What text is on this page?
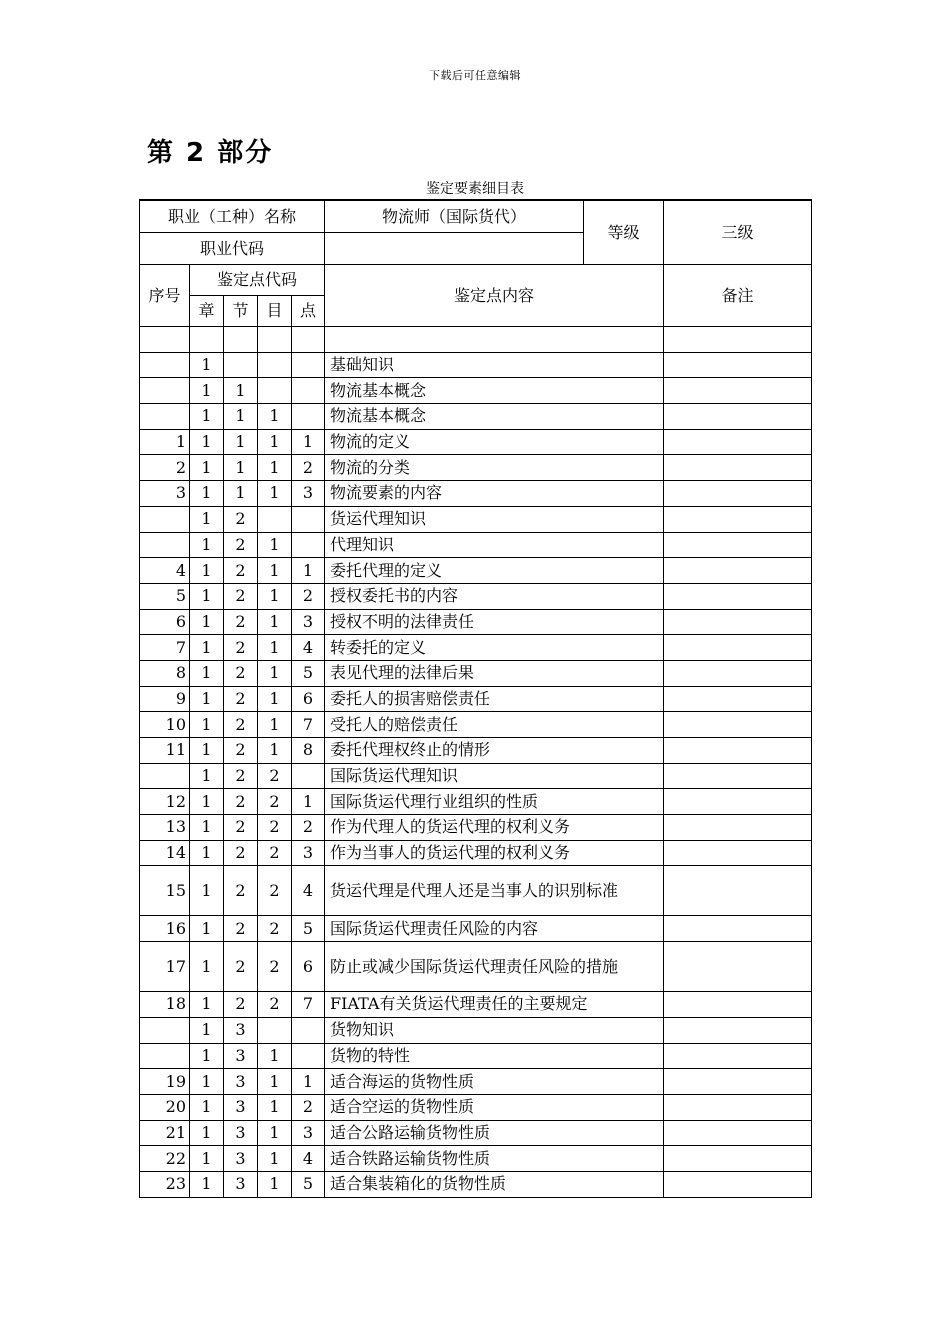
下载后可任意编辑
第 2 部分
鉴定要素细目表
职业（工种）名称					物流师（国际货代）	等级	三级
职业代码							
序号	鉴定点代码				鉴定点内容		备注
	章	节	目	点			

	1				基础知识		
	1	1			物流基本概念		
	1	1	1		物流基本概念		
1	1	1	1	1	物流的定义		
2	1	1	1	2	物流的分类		
3	1	1	1	3	物流要素的内容		
	1	2			货运代理知识		
	1	2	1		代理知识		
4	1	2	1	1	委托代理的定义		
5	1	2	1	2	授权委托书的内容		
6	1	2	1	3	授权不明的法律责任		
7	1	2	1	4	转委托的定义		
8	1	2	1	5	表见代理的法律后果		
9	1	2	1	6	委托人的损害赔偿责任		
10	1	2	1	7	受托人的赔偿责任		
11	1	2	1	8	委托代理权终止的情形		
	1	2	2		国际货运代理知识		
12	1	2	2	1	国际货运代理行业组织的性质		
13	1	2	2	2	作为代理人的货运代理的权利义务		
14	1	2	2	3	作为当事人的货运代理的权利义务		
15	1	2	2	4	货运代理是代理人还是当事人的识别标准		
16	1	2	2	5	国际货运代理责任风险的内容		
17	1	2	2	6	防止或减少国际货运代理责任风险的措施		
18	1	2	2	7	FIATA有关货运代理责任的主要规定		
	1	3			货物知识		
	1	3	1		货物的特性		
19	1	3	1	1	适合海运的货物性质		
20	1	3	1	2	适合空运的货物性质		
21	1	3	1	3	适合公路运输货物性质		
22	1	3	1	4	适合铁路运输货物性质		
23	1	3	1	5	适合集装箱化的货物性质		
